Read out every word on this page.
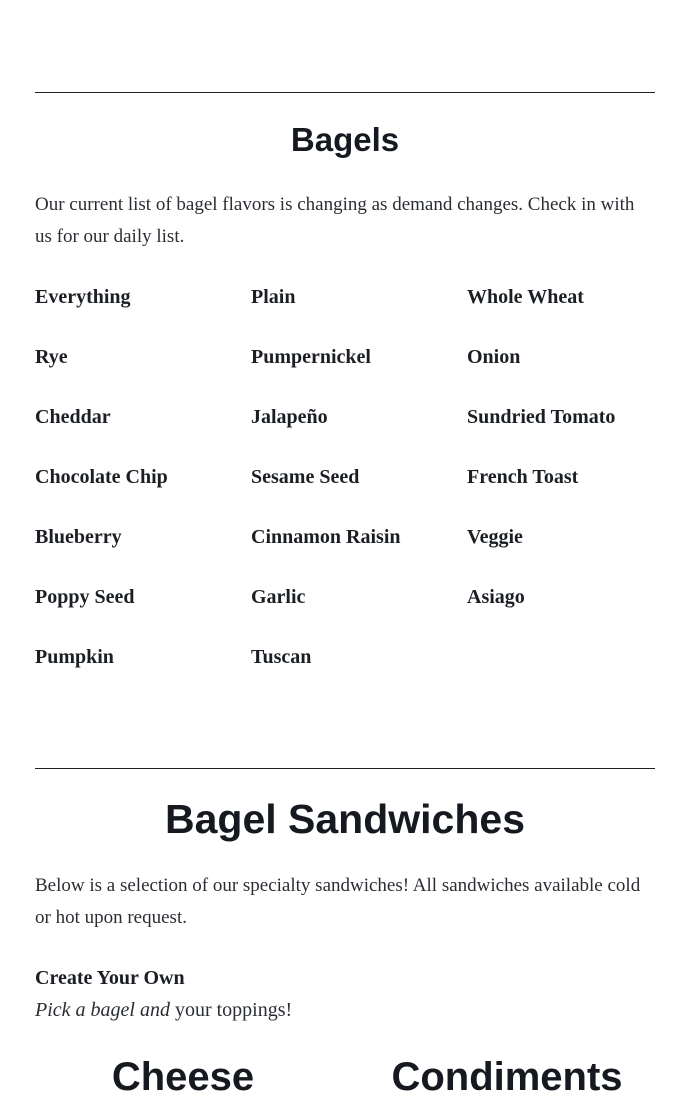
Bagels

Our current list of bagel flavors is changing as demand changes. Check in with us for our daily list.

Everything	Plain	Whole Wheat
Rye	Pumpernickel	Onion
Cheddar	Jalapeño	Sundried Tomato
Chocolate Chip	Sesame Seed	French Toast
Blueberry	Cinnamon Raisin	Veggie
Poppy Seed	Garlic	Asiago
Pumpkin	Tuscan
Bagel Sandwiches

Below is a selection of our specialty sandwiches! All sandwiches available cold or hot upon request.

Create Your Own

Pick a bagel and your toppings!

Cheese	Condiments
